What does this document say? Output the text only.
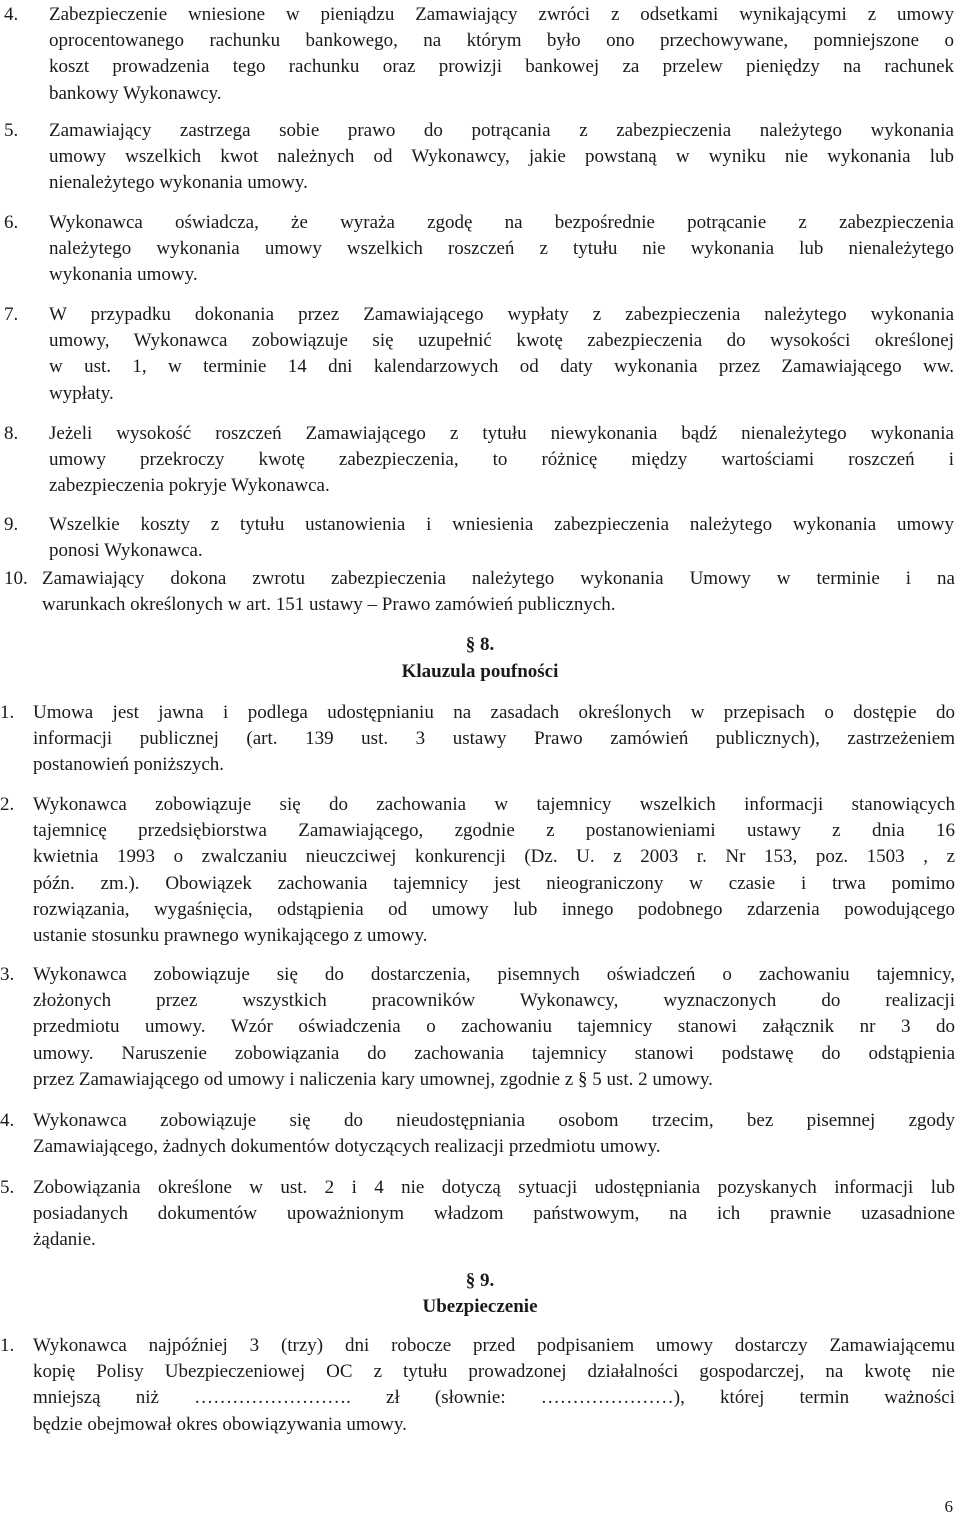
4. Zabezpieczenie wniesione w pieniądzu Zamawiający zwróci z odsetkami wynikającymi z umowy
oprocentowanego rachunku bankowego, na którym było ono przechowywane, pomniejszone o
koszt prowadzenia tego rachunku oraz prowizji bankowej za przelew pieniędzy na rachunek
bankowy Wykonawcy.
5. Zamawiający zastrzega sobie prawo do potrącania z zabezpieczenia należytego wykonania
umowy wszelkich kwot należnych od Wykonawcy, jakie powstaną w wyniku nie wykonania lub
nienależytego wykonania umowy.
6. Wykonawca oświadcza, że wyraża zgodę na bezpośrednie potrącanie z zabezpieczenia
należytego wykonania umowy wszelkich roszczeń z tytułu nie wykonania lub nienależytego
wykonania umowy.
7. W przypadku dokonania przez Zamawiającego wypłaty z zabezpieczenia należytego wykonania
umowy, Wykonawca zobowiązuje się uzupełnić kwotę zabezpieczenia do wysokości określonej
w ust. 1, w terminie 14 dni kalendarzowych od daty wykonania przez Zamawiającego ww.
wypłaty.
8. Jeżeli wysokość roszczeń Zamawiającego z tytułu niewykonania bądź nienależytego wykonania
umowy przekroczy kwotę zabezpieczenia, to różnicę między wartościami roszczeń i
zabezpieczenia pokryje Wykonawca.
9. Wszelkie koszty z tytułu ustanowienia i wniesienia zabezpieczenia należytego wykonania umowy
ponosi Wykonawca.
10. Zamawiający dokona zwrotu zabezpieczenia należytego wykonania Umowy w terminie i na
warunkach określonych w art. 151 ustawy – Prawo zamówień publicznych.
§ 8.
Klauzula poufności
1. Umowa jest jawna i podlega udostępnianiu na zasadach określonych w przepisach o dostępie do
informacji publicznej (art. 139 ust. 3 ustawy Prawo zamówień publicznych), zastrzeżeniem
postanowień poniższych.
2. Wykonawca zobowiązuje się do zachowania w tajemnicy wszelkich informacji stanowiących
tajemnicę przedsiębiorstwa Zamawiającego, zgodnie z postanowieniami ustawy z dnia 16
kwietnia 1993 o zwalczaniu nieuczciwej konkurencji (Dz. U. z 2003 r. Nr 153, poz. 1503 , z
późn. zm.). Obowiązek zachowania tajemnicy jest nieograniczony w czasie i trwa pomimo
rozwiązania, wygaśnięcia, odstąpienia od umowy lub innego podobnego zdarzenia powodującego
ustanie stosunku prawnego wynikającego z umowy.
3. Wykonawca zobowiązuje się do dostarczenia, pisemnych oświadczeń o zachowaniu tajemnicy,
złożonych przez wszystkich pracowników Wykonawcy, wyznaczonych do realizacji
przedmiotu umowy. Wzór oświadczenia o zachowaniu tajemnicy stanowi załącznik nr 3 do
umowy. Naruszenie zobowiązania do zachowania tajemnicy stanowi podstawę do odstąpienia
przez Zamawiającego od umowy i naliczenia kary umownej, zgodnie z § 5 ust. 2 umowy.
4. Wykonawca zobowiązuje się do nieudostępniania osobom trzecim, bez pisemnej zgody
Zamawiającego, żadnych dokumentów dotyczących realizacji przedmiotu umowy.
5. Zobowiązania określone w ust. 2 i 4 nie dotyczą sytuacji udostępniania pozyskanych informacji lub
posiadanych dokumentów upoważnionym władzom państwowym, na ich prawnie uzasadnione
żądanie.
§ 9.
Ubezpieczenie
1. Wykonawca najpóźniej 3 (trzy) dni robocze przed podpisaniem umowy dostarczy Zamawiającemu
kopię Polisy Ubezpieczeniowej OC z tytułu prowadzonej działalności gospodarczej, na kwotę nie
mniejszą niż ……………………. zł (słownie: …………………), której termin ważności
będzie obejmował okres obowiązywania umowy.
6
